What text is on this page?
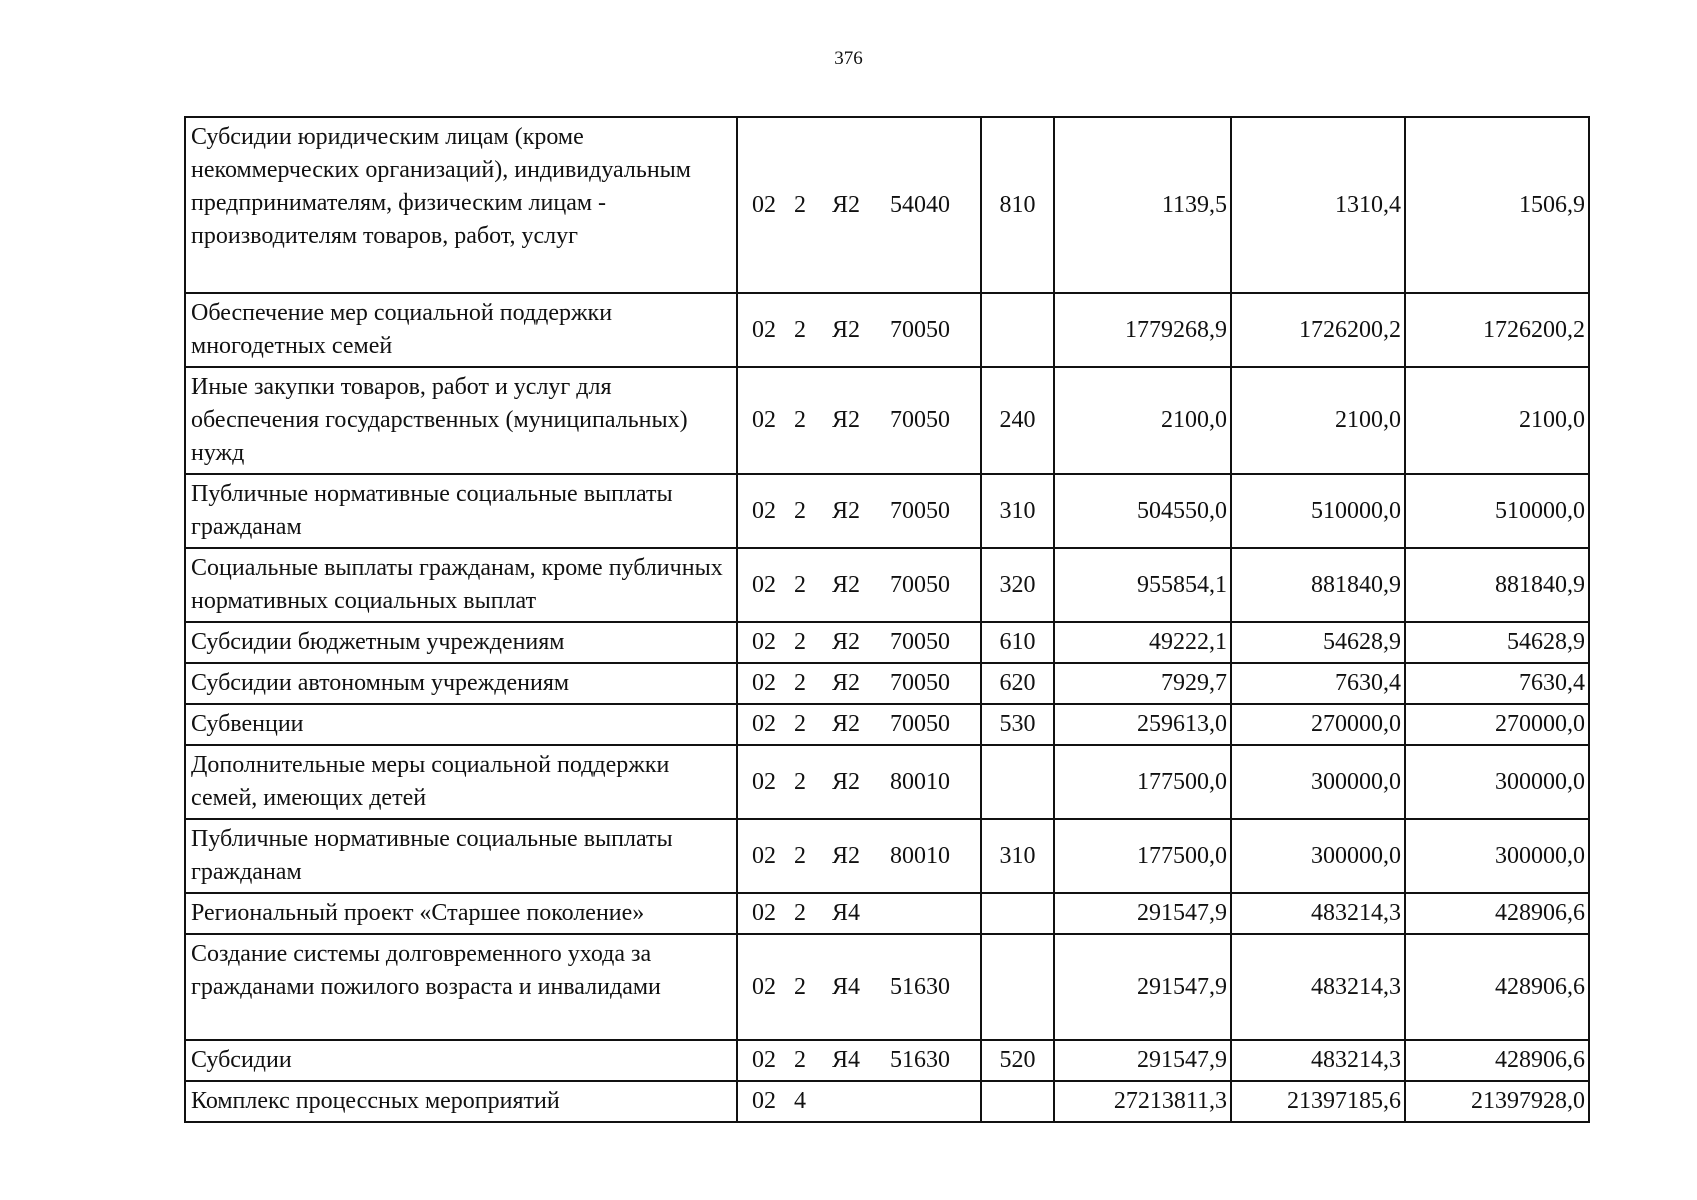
376
Субсидии юридическим лицам (кроме некоммерческих организаций), индивидуальным предпринимателям, физическим лицам - производителям товаров, работ, услуг	02 2 Я2 54040	810	1139,5	1310,4	1506,9
Обеспечение мер социальной поддержки многодетных семей	02 2 Я2 70050		1779268,9	1726200,2	1726200,2
Иные закупки товаров, работ и услуг для обеспечения государственных (муниципальных) нужд	02 2 Я2 70050	240	2100,0	2100,0	2100,0
Публичные нормативные социальные выплаты гражданам	02 2 Я2 70050	310	504550,0	510000,0	510000,0
Социальные выплаты гражданам, кроме публичных нормативных социальных выплат	02 2 Я2 70050	320	955854,1	881840,9	881840,9
Субсидии бюджетным учреждениям	02 2 Я2 70050	610	49222,1	54628,9	54628,9
Субсидии автономным учреждениям	02 2 Я2 70050	620	7929,7	7630,4	7630,4
Субвенции	02 2 Я2 70050	530	259613,0	270000,0	270000,0
Дополнительные меры социальной поддержки семей, имеющих детей	02 2 Я2 80010		177500,0	300000,0	300000,0
Публичные нормативные социальные выплаты гражданам	02 2 Я2 80010	310	177500,0	300000,0	300000,0
Региональный проект «Старшее поколение»	02 2 Я4		291547,9	483214,3	428906,6
Создание системы долговременного ухода за гражданами пожилого возраста и инвалидами	02 2 Я4 51630		291547,9	483214,3	428906,6
Субсидии	02 2 Я4 51630	520	291547,9	483214,3	428906,6
Комплекс процессных мероприятий	02 4		27213811,3	21397185,6	21397928,0
